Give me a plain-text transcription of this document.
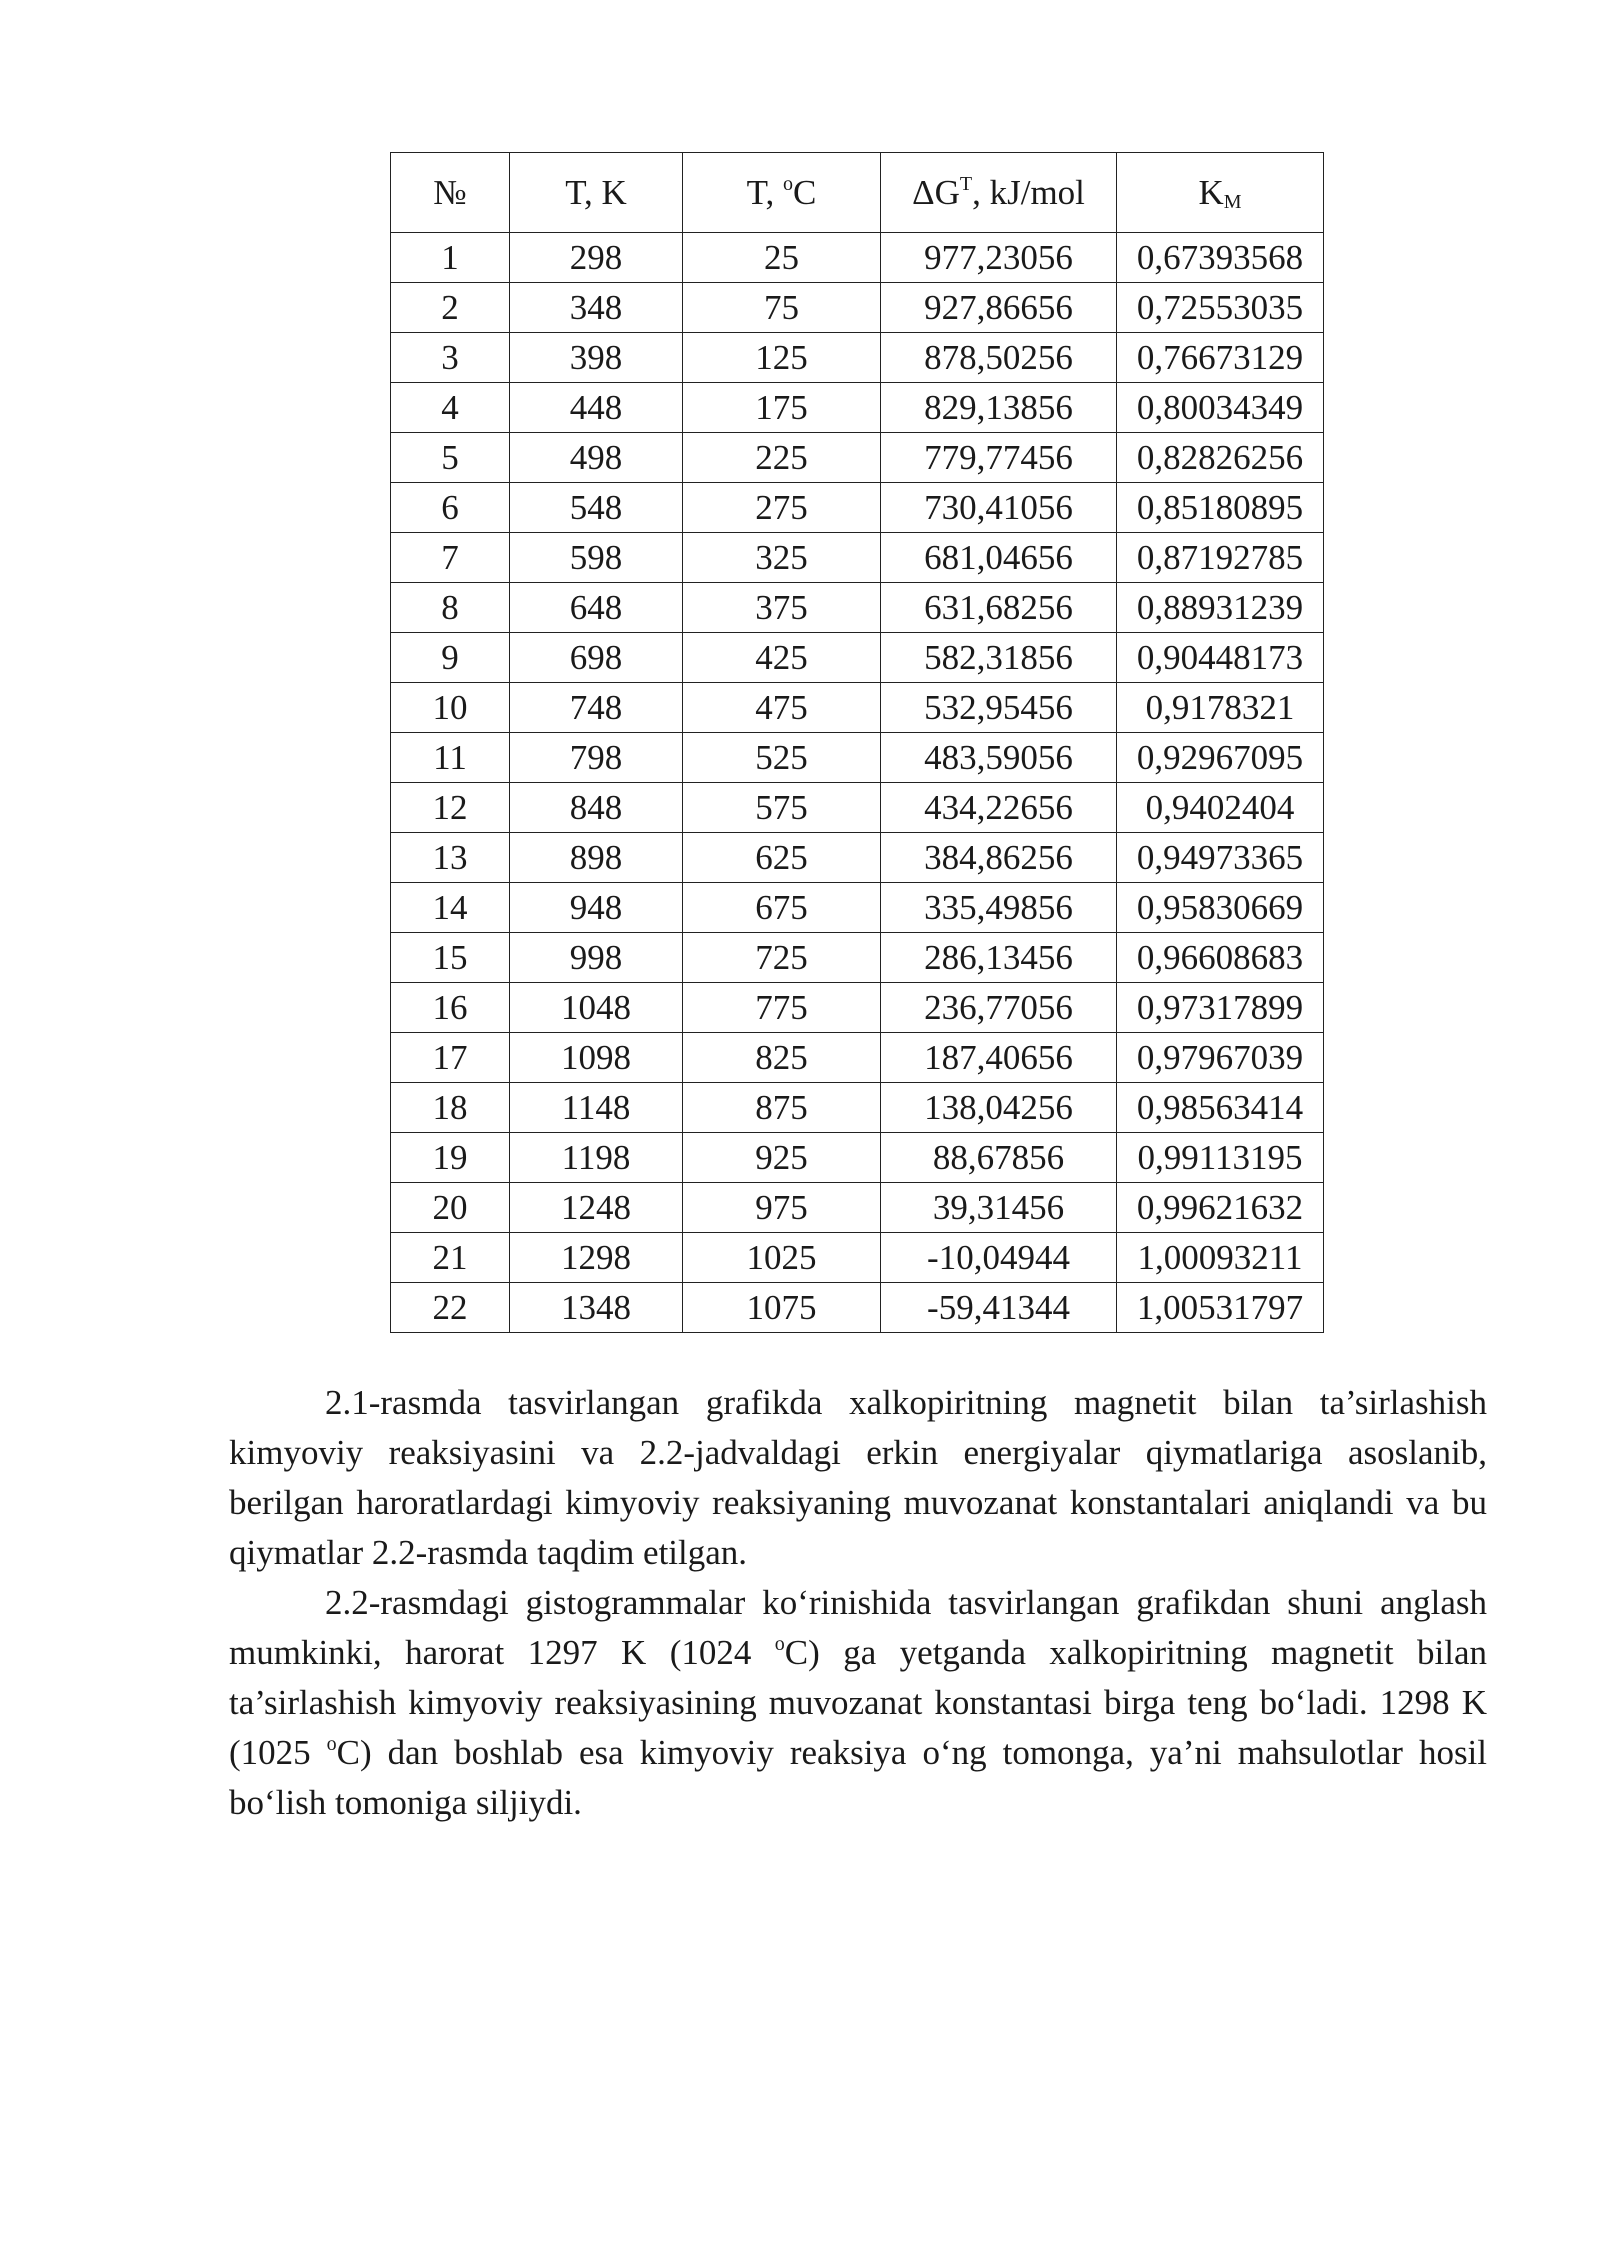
№	T, K	T, $^o$C	$\Delta G^T$, kJ/mol	$K_M$
1	298	25	977,23056	0,67393568
2	348	75	927,86656	0,72553035
3	398	125	878,50256	0,76673129
4	448	175	829,13856	0,80034349
5	498	225	779,77456	0,82826256
6	548	275	730,41056	0,85180895
7	598	325	681,04656	0,87192785
8	648	375	631,68256	0,88931239
9	698	425	582,31856	0,90448173
10	748	475	532,95456	0,9178321
11	798	525	483,59056	0,92967095
12	848	575	434,22656	0,9402404
13	898	625	384,86256	0,94973365
14	948	675	335,49856	0,95830669
15	998	725	286,13456	0,96608683
16	1048	775	236,77056	0,97317899
17	1098	825	187,40656	0,97967039
18	1148	875	138,04256	0,98563414
19	1198	925	88,67856	0,99113195
20	1248	975	39,31456	0,99621632
21	1298	1025	-10,04944	1,00093211
22	1348	1075	-59,41344	1,00531797

2.1-rasmda tasvirlangan grafikda xalkopiritning magnetit bilan ta’sirlashish kimyoviy reaksiyasini va 2.2-jadvaldagi erkin energiyalar qiymatlariga asoslanib, berilgan haroratlardagi kimyoviy reaksiyaning muvozanat konstantalari aniqlandi va bu qiymatlar 2.2-rasmda taqdim etilgan.

2.2-rasmdagi gistogrammalar ko‘rinishida tasvirlangan grafikdan shuni anglash mumkinki, harorat 1297 K (1024 $^o$C) ga yetganda xalkopiritning magnetit bilan ta’sirlashish kimyoviy reaksiyasining muvozanat konstantasi birga teng bo‘ladi. 1298 K (1025 $^o$C) dan boshlab esa kimyoviy reaksiya o‘ng tomonga, ya’ni mahsulotlar hosil bo‘lish tomoniga siljiydi.
